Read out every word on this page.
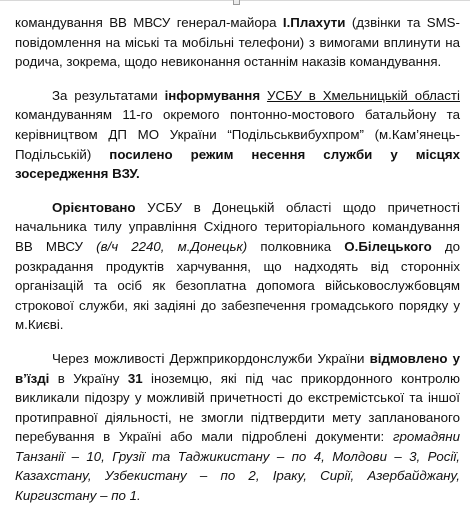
командування ВВ МВСУ генерал-майора І.Плахути (дзвінки та SMS-повідомлення на міські та мобільні телефони) з вимогами вплинути на родича, зокрема, щодо невиконання останнім наказів командування.

За результатами інформування УСБУ в Хмельницькій області командуванням 11-го окремого понтонно-мостового батальйону та керівництвом ДП МО України “Подільськвибухпром” (м.Кам’янець-Подільській) посилено режим несення служби у місцях зосередження ВЗУ.

Орієнтовано УСБУ в Донецькій області щодо причетності начальника тилу управління Східного територіального командування ВВ МВСУ (в/ч 2240, м.Донецьк) полковника О.Білецького до розкрадання продуктів харчування, що надходять від сторонніх організацій та осіб як безоплатна допомога військовослужбовцям строкової служби, які задіяні до забезпечення громадського порядку у м.Києві.

Через можливості Держприкордонслужби України відмовлено у в’їзді в Україну 31 іноземцю, які під час прикордонного контролю викликали підозру у можливій причетності до екстремістської та іншої протиправної діяльності, не змогли підтвердити мету запланованого перебування в Україні або мали підроблені документи: громадяни Танзанії – 10, Грузії та Таджикистану – по 4, Молдови – 3, Росії, Казахстану, Узбекистану – по 2, Іраку, Сирії, Азербайджану, Киргизстану – по 1.
